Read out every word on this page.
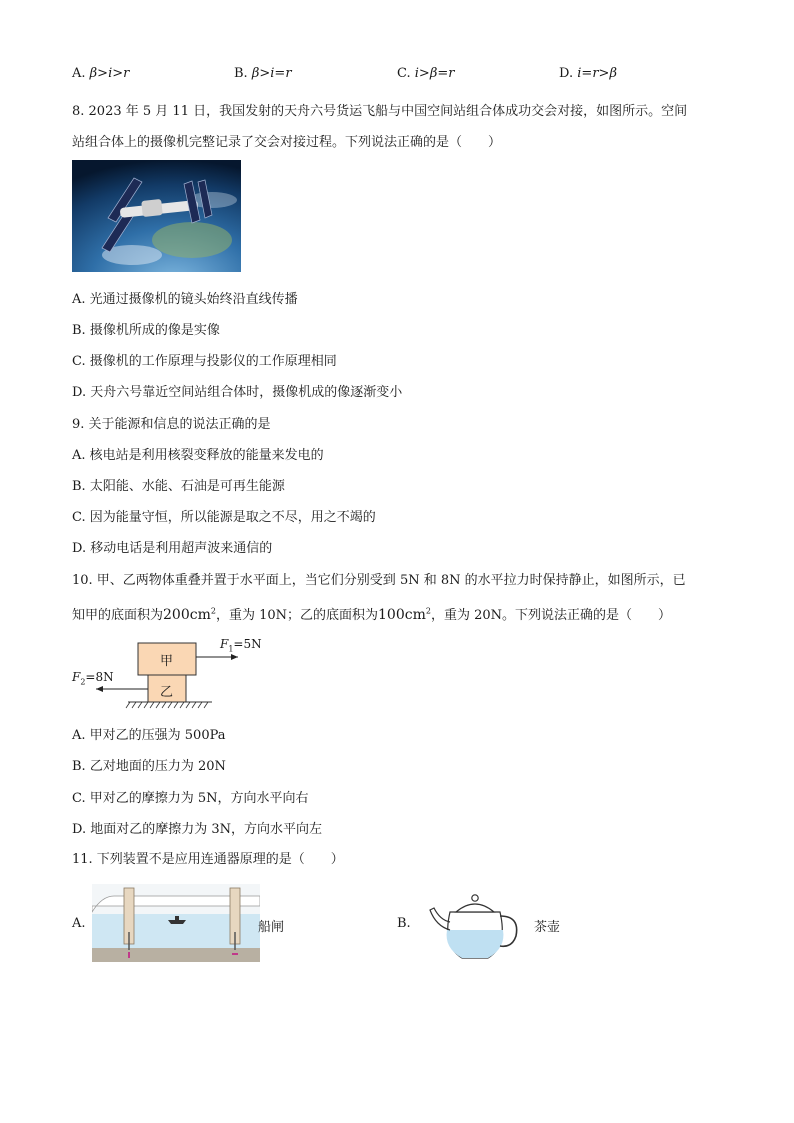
A. β>i>r	B. β>i=r	C. i>β=r	D. i=r>β
8. 2023 年 5 月 11 日，我国发射的天舟六号货运飞船与中国空间站组合体成功交会对接，如图所示。空间
站组合体上的摄像机完整记录了交会对接过程。下列说法正确的是（　　）
A. 光通过摄像机的镜头始终沿直线传播
B. 摄像机所成的像是实像
C. 摄像机的工作原理与投影仪的工作原理相同
D. 天舟六号靠近空间站组合体时，摄像机成的像逐渐变小
9. 关于能源和信息的说法正确的是
A. 核电站是利用核裂变释放的能量来发电的
B. 太阳能、水能、石油是可再生能源
C. 因为能量守恒，所以能源是取之不尽，用之不竭的
D. 移动电话是利用超声波来通信的
10. 甲、乙两物体重叠并置于水平面上，当它们分别受到 5N 和 8N 的水平拉力时保持静止，如图所示，已
知甲的底面积为$200cm^2$，重为 10N；乙的底面积为$100cm^2$，重为 20N。下列说法正确的是（　　）
甲
乙
$F_1=5N$
$F_2=8N$
A. 甲对乙的压强为 500Pa
B. 乙对地面的压力为 20N
C. 甲对乙的摩擦力为 5N，方向水平向右
D. 地面对乙的摩擦力为 3N，方向水平向左
11. 下列装置不是应用连通器原理的是（　　）
A.	船闸	B.	茶壶
